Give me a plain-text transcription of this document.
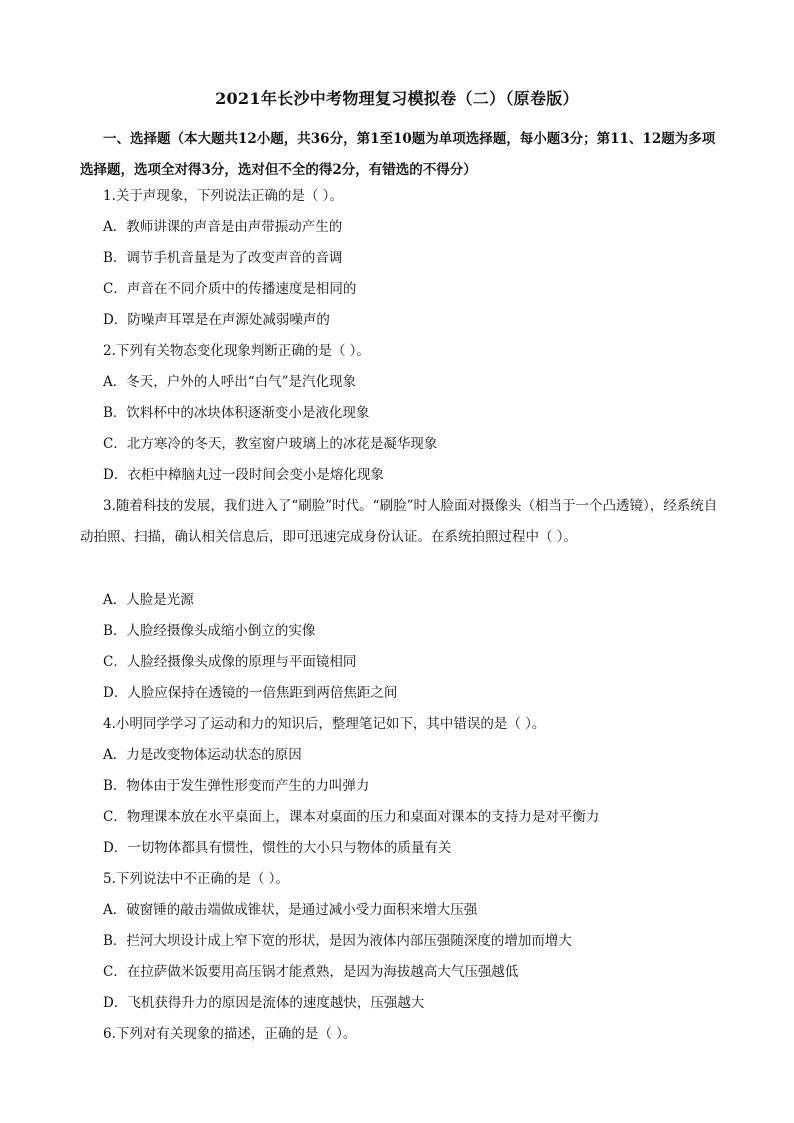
2021年长沙中考物理复习模拟卷（二）（原卷版）
一、选择题（本大题共12小题，共36分，第1至10题为单项选择题，每小题3分；第11、12题为多项选择题，选项全对得3分，选对但不全的得2分，有错选的不得分）
1.关于声现象，下列说法正确的是（ ）。
A．教师讲课的声音是由声带振动产生的
B．调节手机音量是为了改变声音的音调
C．声音在不同介质中的传播速度是相同的
D．防噪声耳罩是在声源处减弱噪声的
2.下列有关物态变化现象判断正确的是（ ）。
A．冬天，户外的人呼出“白气”是汽化现象
B．饮料杯中的冰块体积逐渐变小是液化现象
C．北方寒冷的冬天，教室窗户玻璃上的冰花是凝华现象
D．衣柜中樟脑丸过一段时间会变小是熔化现象
3.随着科技的发展，我们进入了“刷脸”时代。“刷脸”时人脸面对摄像头（相当于一个凸透镜），经系统自动拍照、扫描，确认相关信息后，即可迅速完成身份认证。在系统拍照过程中（ ）。
A．人脸是光源
B．人脸经摄像头成缩小倒立的实像
C．人脸经摄像头成像的原理与平面镜相同
D．人脸应保持在透镜的一倍焦距到两倍焦距之间
4.小明同学学习了运动和力的知识后，整理笔记如下，其中错误的是（ ）。
A．力是改变物体运动状态的原因
B．物体由于发生弹性形变而产生的力叫弹力
C．物理课本放在水平桌面上，课本对桌面的压力和桌面对课本的支持力是对平衡力
D．一切物体都具有惯性，惯性的大小只与物体的质量有关
5.下列说法中不正确的是（ ）。
A．破窗锤的敲击端做成锥状，是通过减小受力面积来增大压强
B．拦河大坝设计成上窄下宽的形状，是因为液体内部压强随深度的增加而增大
C．在拉萨做米饭要用高压锅才能煮熟，是因为海拔越高大气压强越低
D．飞机获得升力的原因是流体的速度越快，压强越大
6.下列对有关现象的描述，正确的是（ ）。
